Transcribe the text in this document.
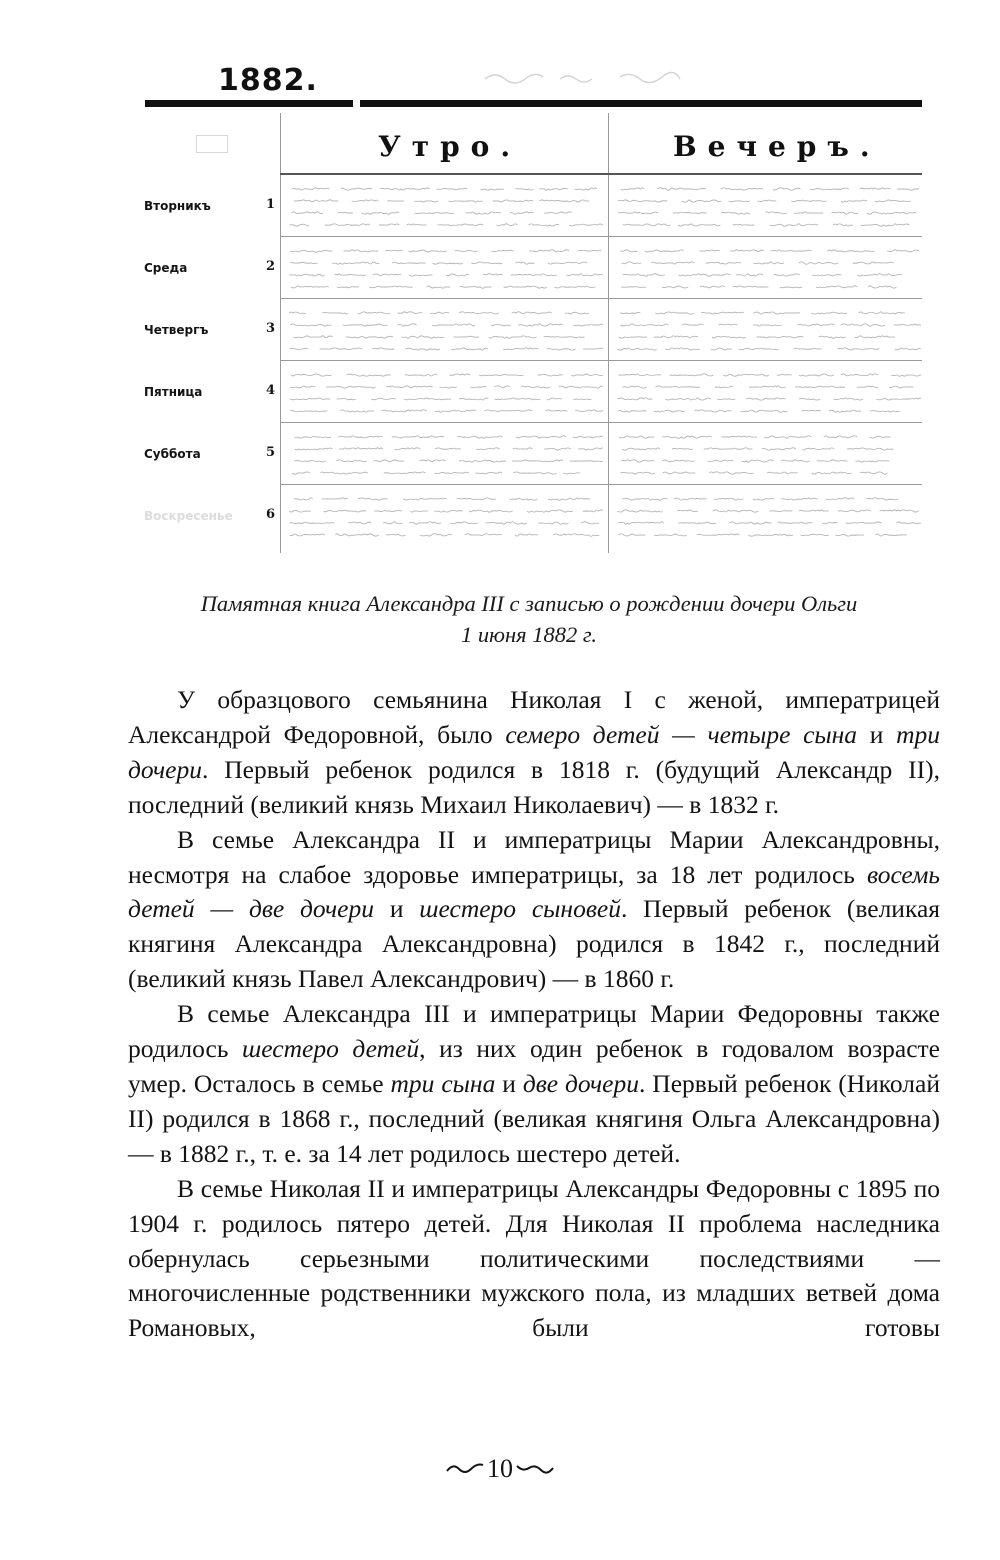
1882.
Утро.	Вечеръ.
Вторникъ	1
Среда	2
Четвергъ	3
Пятница	4
Суббота	5
Воскресенье	6
Памятная книга Александра III с записью о рождении дочери Ольги
1 июня 1882 г.

У образцового семьянина Николая I с женой, императрицей Александрой Федоровной, было семеро детей — четыре сына и три дочери. Первый ребенок родился в 1818 г. (будущий Александр II), последний (великий князь Михаил Николаевич) — в 1832 г.

В семье Александра II и императрицы Марии Александровны, несмотря на слабое здоровье императрицы, за 18 лет родилось восемь детей — две дочери и шестеро сыновей. Первый ребенок (великая княгиня Александра Александровна) родился в 1842 г., последний (великий князь Павел Александрович) — в 1860 г.

В семье Александра III и императрицы Марии Федоровны также родилось шестеро детей, из них один ребенок в годовалом возрасте умер. Осталось в семье три сына и две дочери. Первый ребенок (Николай II) родился в 1868 г., последний (великая княгиня Ольга Александровна) — в 1882 г., т. е. за 14 лет родилось шестеро детей.

В семье Николая II и императрицы Александры Федоровны с 1895 по 1904 г. родилось пятеро детей. Для Николая II проблема наследника обернулась серьезными политическими последствиями — многочисленные родственники мужского пола, из младших ветвей дома Романовых, были готовы

10
